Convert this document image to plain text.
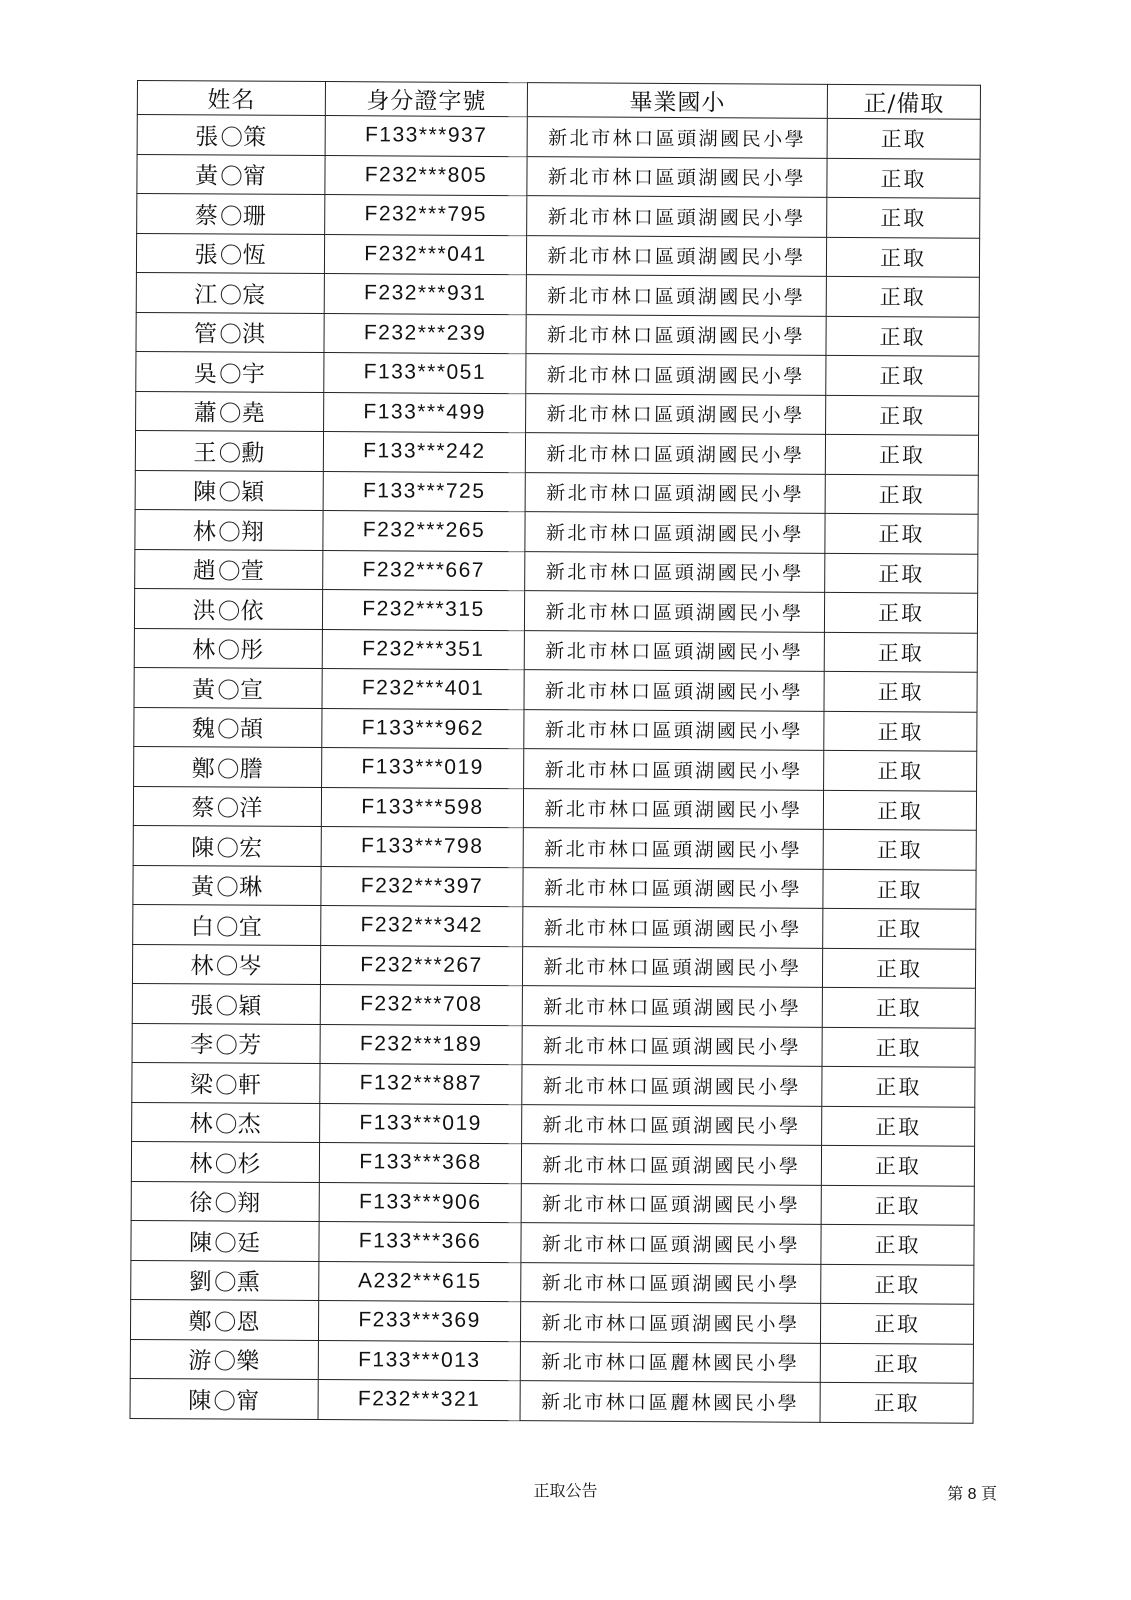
姓名	身分證字號	畢業國小	正/備取
張 策	F133***937	新北市林口區頭湖國民小學	正取
黃 甯	F232***805	新北市林口區頭湖國民小學	正取
蔡 珊	F232***795	新北市林口區頭湖國民小學	正取
張 恆	F232***041	新北市林口區頭湖國民小學	正取
江 宸	F232***931	新北市林口區頭湖國民小學	正取
管 淇	F232***239	新北市林口區頭湖國民小學	正取
吳 宇	F133***051	新北市林口區頭湖國民小學	正取
蕭 堯	F133***499	新北市林口區頭湖國民小學	正取
王 勳	F133***242	新北市林口區頭湖國民小學	正取
陳 穎	F133***725	新北市林口區頭湖國民小學	正取
林 翔	F232***265	新北市林口區頭湖國民小學	正取
趙 萱	F232***667	新北市林口區頭湖國民小學	正取
洪 依	F232***315	新北市林口區頭湖國民小學	正取
林 彤	F232***351	新北市林口區頭湖國民小學	正取
黃 宣	F232***401	新北市林口區頭湖國民小學	正取
魏 頡	F133***962	新北市林口區頭湖國民小學	正取
鄭 謄	F133***019	新北市林口區頭湖國民小學	正取
蔡 洋	F133***598	新北市林口區頭湖國民小學	正取
陳 宏	F133***798	新北市林口區頭湖國民小學	正取
黃 琳	F232***397	新北市林口區頭湖國民小學	正取
白 宜	F232***342	新北市林口區頭湖國民小學	正取
林 岑	F232***267	新北市林口區頭湖國民小學	正取
張 穎	F232***708	新北市林口區頭湖國民小學	正取
李 芳	F232***189	新北市林口區頭湖國民小學	正取
梁 軒	F132***887	新北市林口區頭湖國民小學	正取
林 杰	F133***019	新北市林口區頭湖國民小學	正取
林 杉	F133***368	新北市林口區頭湖國民小學	正取
徐 翔	F133***906	新北市林口區頭湖國民小學	正取
陳 廷	F133***366	新北市林口區頭湖國民小學	正取
劉 熏	A232***615	新北市林口區頭湖國民小學	正取
鄭 恩	F233***369	新北市林口區頭湖國民小學	正取
游 樂	F133***013	新北市林口區麗林國民小學	正取
陳 甯	F232***321	新北市林口區麗林國民小學	正取
正取公告	第 8 頁
